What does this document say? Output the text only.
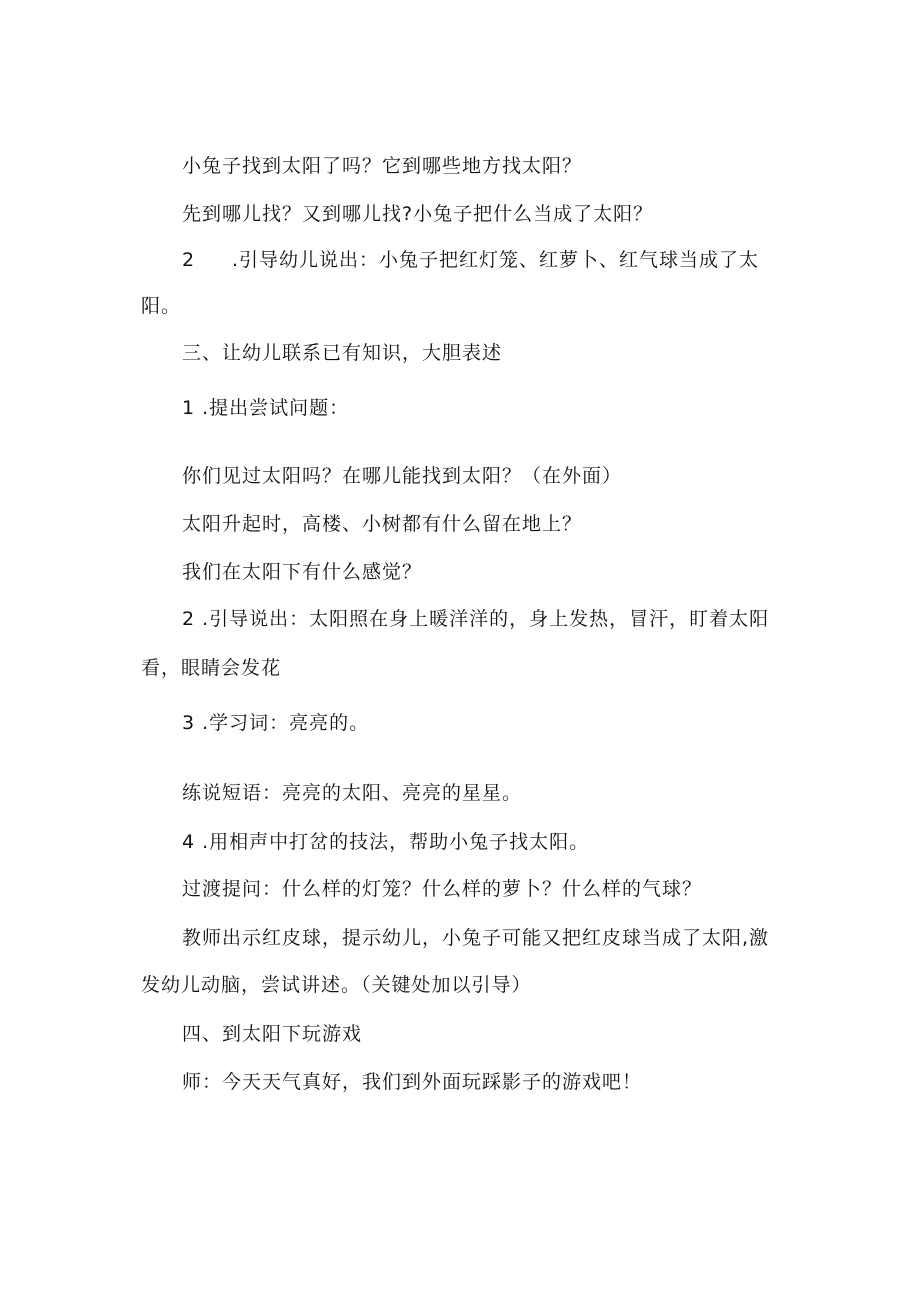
小兔子找到太阳了吗？它到哪些地方找太阳？
先到哪儿找？又到哪儿找?小兔子把什么当成了太阳？
2 .引导幼儿说出：小兔子把红灯笼、红萝卜、红气球当成了太
阳。
三、让幼儿联系已有知识，大胆表述
1 .提出尝试问题：
你们见过太阳吗？在哪儿能找到太阳？（在外面）
太阳升起时，高楼、小树都有什么留在地上？
我们在太阳下有什么感觉？
2 .引导说出：太阳照在身上暖洋洋的，身上发热，冒汗，盯着太阳
看，眼睛会发花
3 .学习词：亮亮的。
练说短语：亮亮的太阳、亮亮的星星。
4 .用相声中打岔的技法，帮助小兔子找太阳。
过渡提问：什么样的灯笼？什么样的萝卜？什么样的气球？
教师出示红皮球，提示幼儿，小兔子可能又把红皮球当成了太阳,激
发幼儿动脑，尝试讲述。（关键处加以引导）
四、到太阳下玩游戏
师：今天天气真好，我们到外面玩踩影子的游戏吧！
